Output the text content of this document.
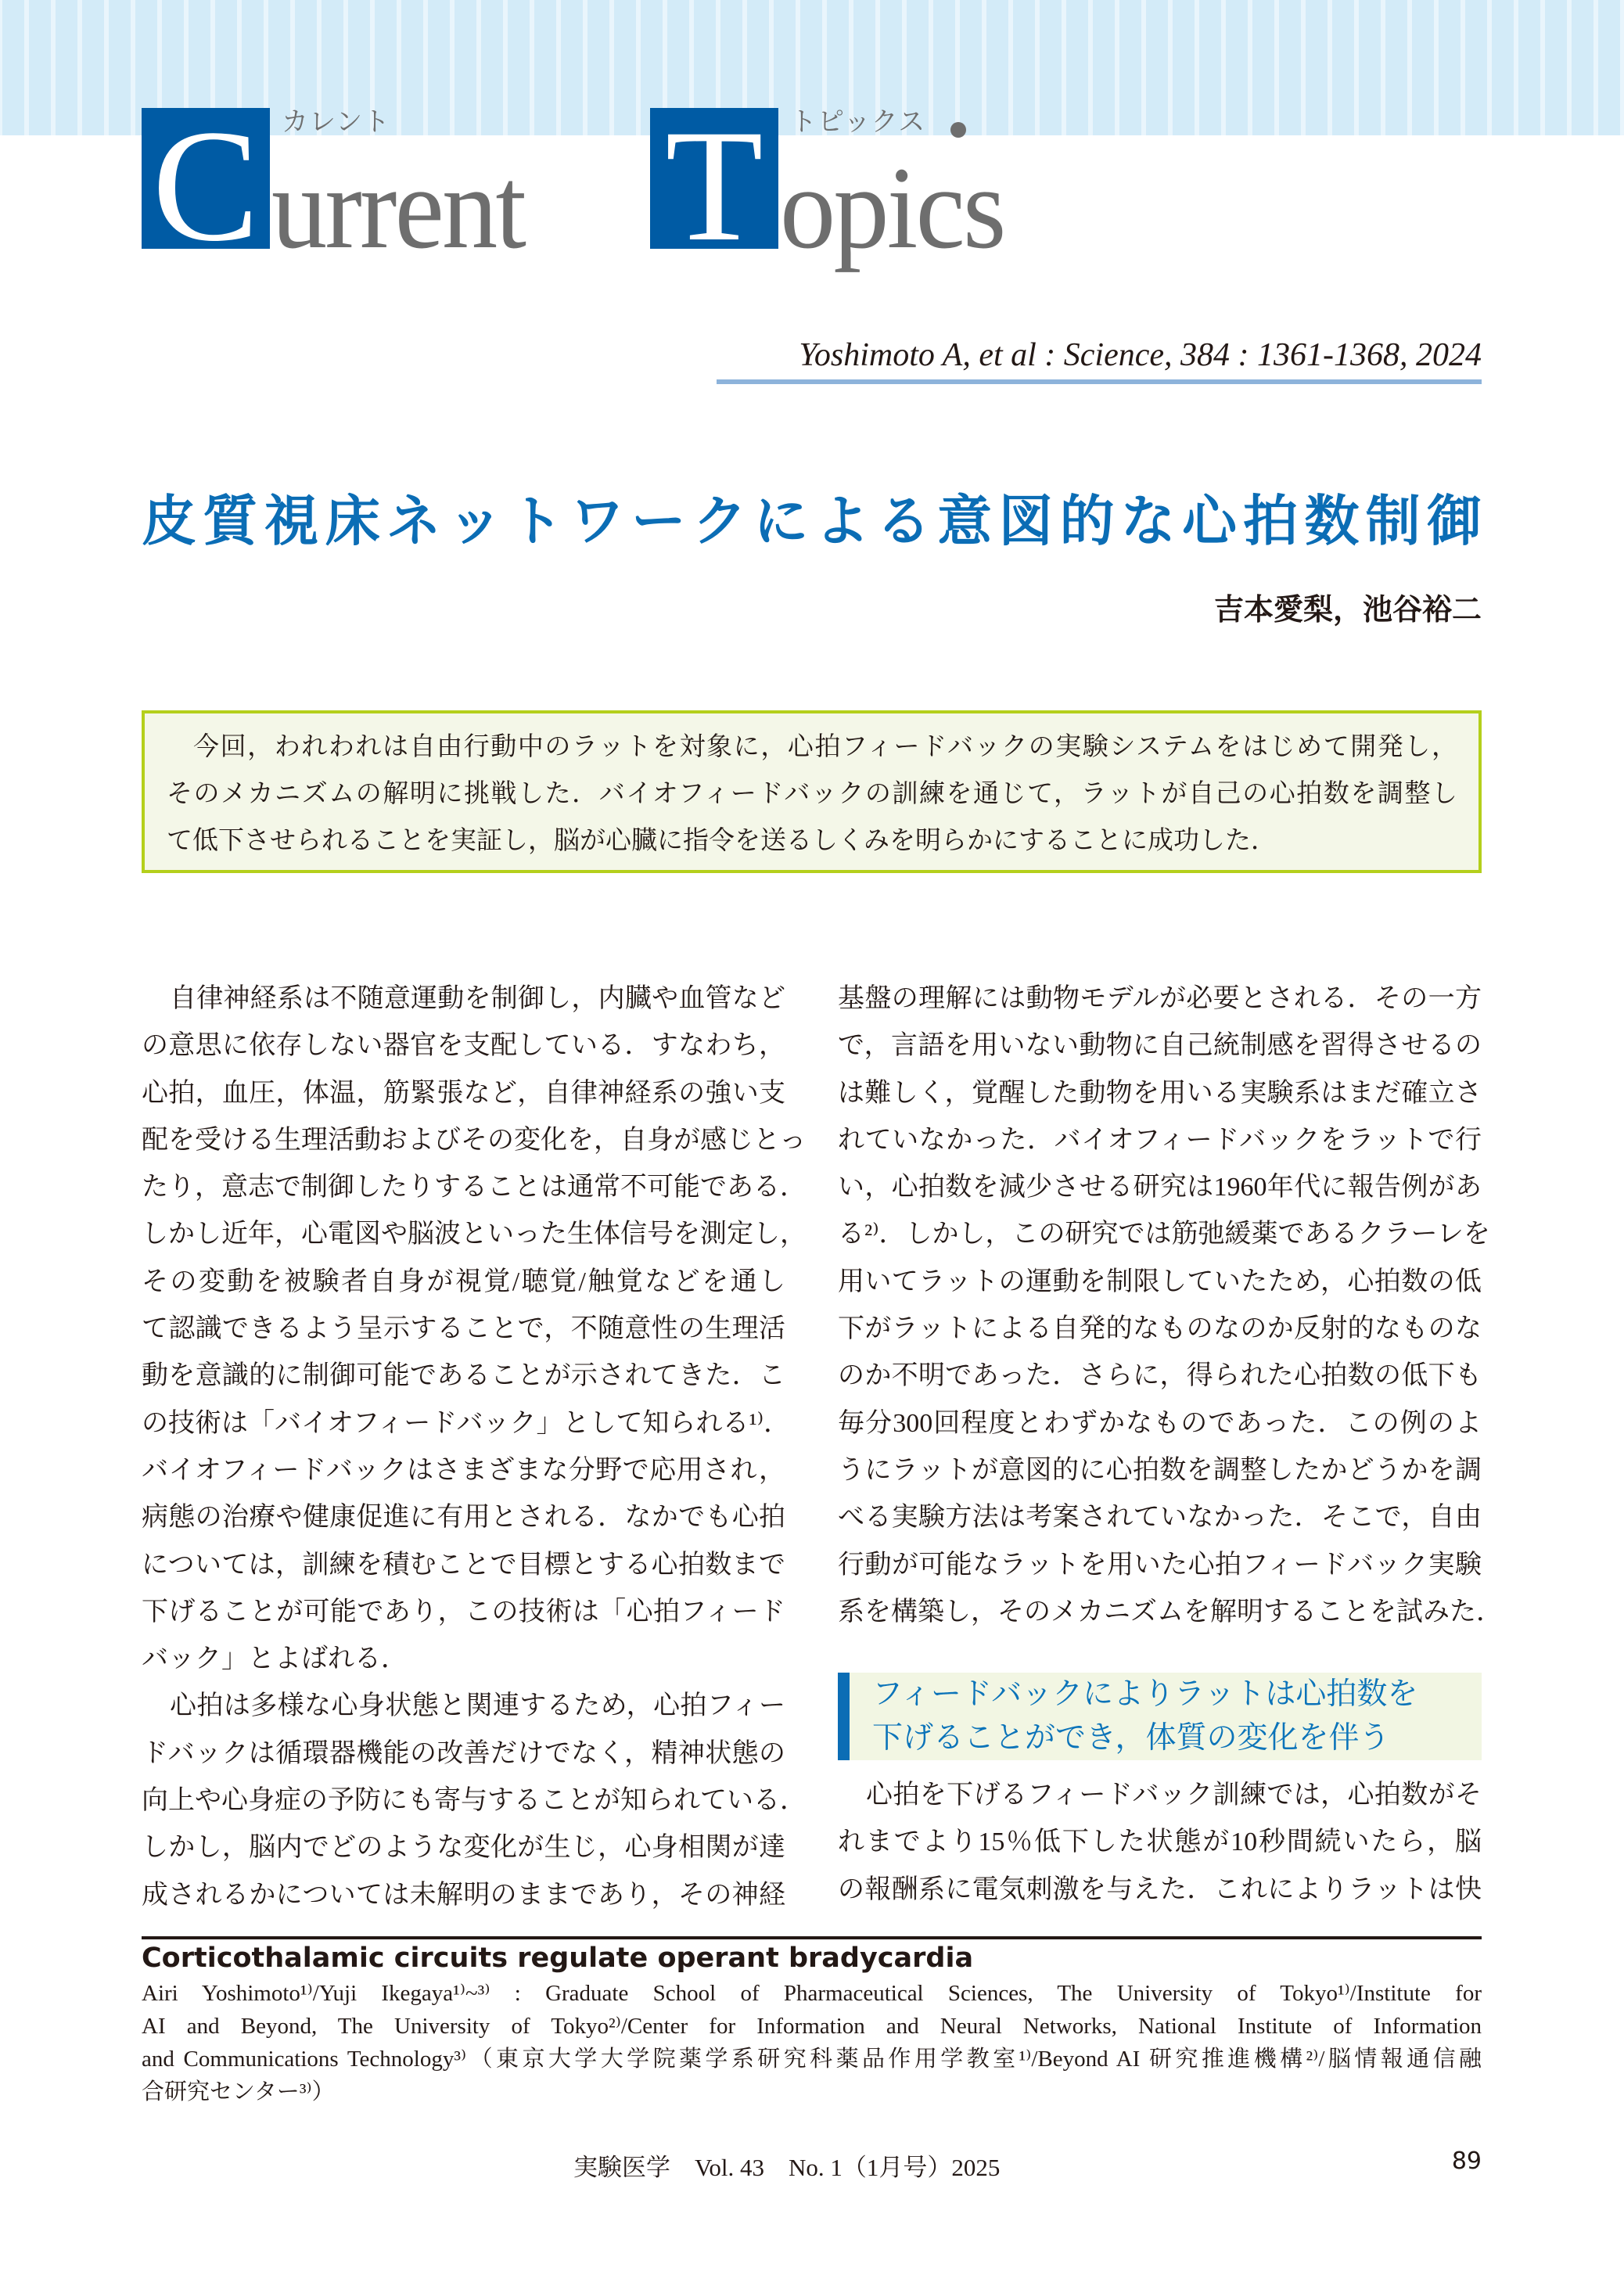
C カレント
urrent T	トピックス
opics
Yoshimoto A, et al : Science, 384 : 1361-1368, 2024
皮質視床ネットワークによる意図的な心拍数制御
吉本愛梨，池谷裕二
今回，われわれは自由行動中のラットを対象に，心拍フィードバックの実験システムをはじめて開発し，
そのメカニズムの解明に挑戦した．バイオフィードバックの訓練を通じて，ラットが自己の心拍数を調整し
て低下させられることを実証し，脳が心臓に指令を送るしくみを明らかにすることに成功した．
自律神経系は不随意運動を制御し，内臓や血管など
の意思に依存しない器官を支配している．すなわち，
心拍，血圧，体温，筋緊張など，自律神経系の強い支
配を受ける生理活動およびその変化を，自身が感じとっ
たり，意志で制御したりすることは通常不可能である．
しかし近年，心電図や脳波といった生体信号を測定し，
その変動を被験者自身が視覚/聴覚/触覚などを通し
て認識できるよう呈示することで，不随意性の生理活
動を意識的に制御可能であることが示されてきた．こ
の技術は「バイオフィードバック」として知られる¹⁾．
バイオフィードバックはさまざまな分野で応用され，
病態の治療や健康促進に有用とされる．なかでも心拍
については，訓練を積むことで目標とする心拍数まで
下げることが可能であり，この技術は「心拍フィード
バック」とよばれる．
心拍は多様な心身状態と関連するため，心拍フィー
ドバックは循環器機能の改善だけでなく，精神状態の
向上や心身症の予防にも寄与することが知られている．
しかし，脳内でどのような変化が生じ，心身相関が達
成されるかについては未解明のままであり，その神経
基盤の理解には動物モデルが必要とされる．その一方
で，言語を用いない動物に自己統制感を習得させるの
は難しく，覚醒した動物を用いる実験系はまだ確立さ
れていなかった．バイオフィードバックをラットで行
い，心拍数を減少させる研究は1960年代に報告例があ
る²⁾．しかし，この研究では筋弛緩薬であるクラーレを
用いてラットの運動を制限していたため，心拍数の低
下がラットによる自発的なものなのか反射的なものな
のか不明であった．さらに，得られた心拍数の低下も
毎分300回程度とわずかなものであった．この例のよ
うにラットが意図的に心拍数を調整したかどうかを調
べる実験方法は考案されていなかった．そこで，自由
行動が可能なラットを用いた心拍フィードバック実験
系を構築し，そのメカニズムを解明することを試みた．
フィードバックによりラットは心拍数を
下げることができ，体質の変化を伴う
心拍を下げるフィードバック訓練では，心拍数がそ
れまでより15％低下した状態が10秒間続いたら，脳
の報酬系に電気刺激を与えた．これによりラットは快
Corticothalamic circuits regulate operant bradycardia
Airi Yoshimoto¹⁾/Yuji Ikegaya¹⁾~³⁾ : Graduate School of Pharmaceutical Sciences, The University of Tokyo¹⁾/Institute for
AI and Beyond, The University of Tokyo²⁾/Center for Information and Neural Networks, National Institute of Information
and Communications Technology³⁾（東京大学大学院薬学系研究科薬品作用学教室¹⁾/Beyond AI 研究推進機構²⁾/脳情報通信融
合研究センター³⁾）
実験医学　Vol. 43　No. 1（1月号）2025	89
